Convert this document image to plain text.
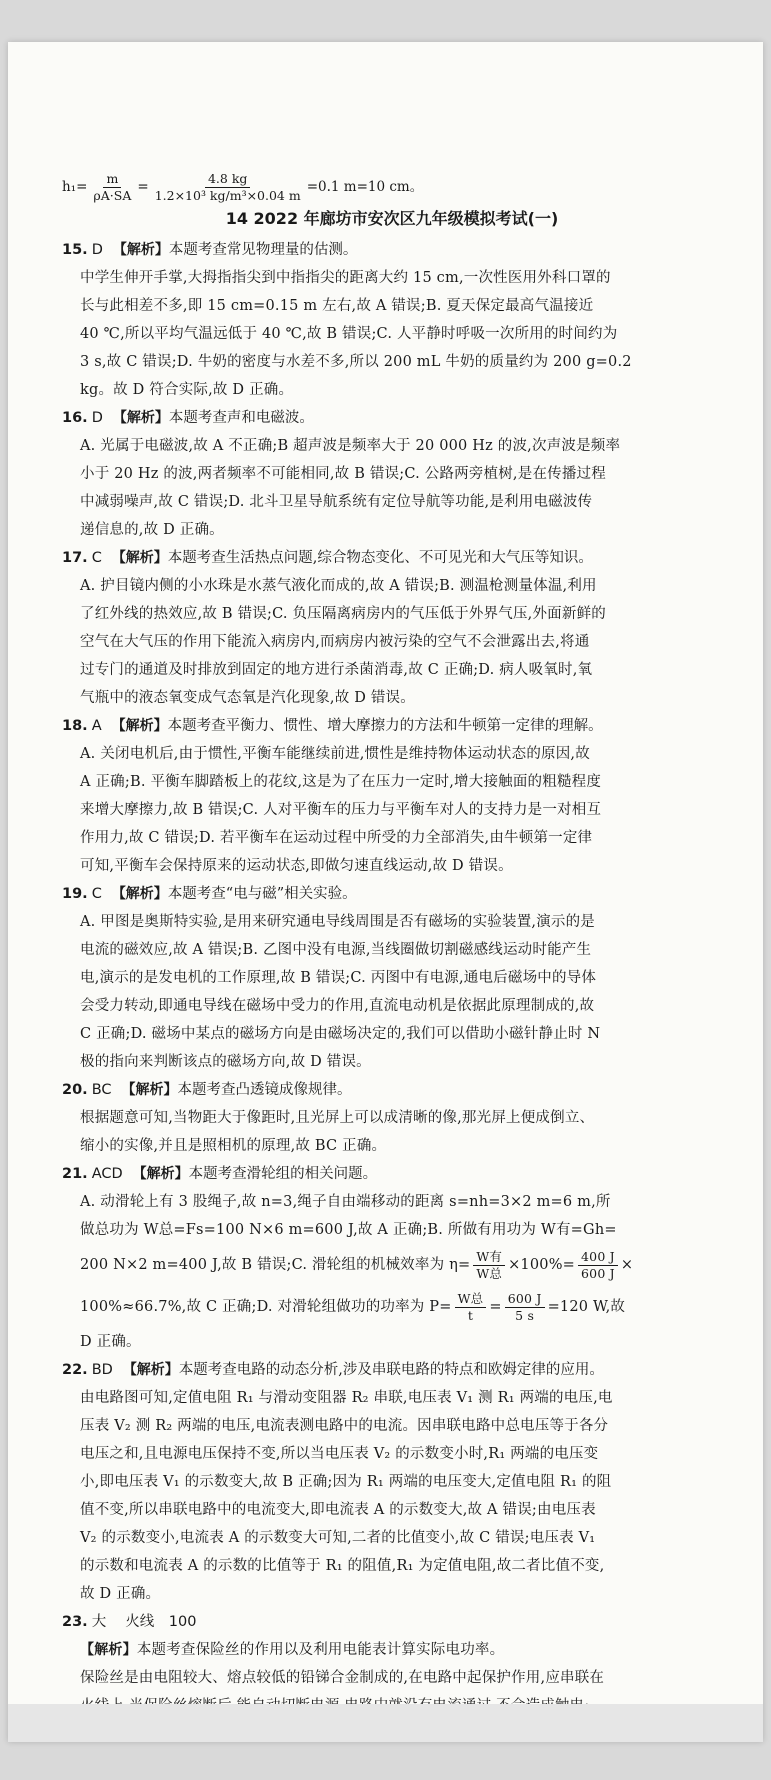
$h_1= \frac{m}{\rho A\cdot SA} = \frac{4.8 kg}{\text{1.2×10³ kg/m³×0.04 m}} =0.1$ m=10 cm。
14 2022 年廊坊市安次区九年级模拟考试(一)
15. D 【解析】本题考查常见物理量的估测。
中学生伸开手掌,大拇指指尖到中指指尖的距离大约 15 cm,一次性医用外科口罩的
长与此相差不多,即 15 cm=0.15 m 左右,故 A 错误;B. 夏天保定最高气温接近
40 ℃,所以平均气温远低于 40 ℃,故 B 错误;C. 人平静时呼吸一次所用的时间约为
3 s,故 C 错误;D. 牛奶的密度与水差不多,所以 200 mL 牛奶的质量约为 200 g=0.2
kg。故 D 符合实际,故 D 正确。
16. D 【解析】本题考查声和电磁波。
A. 光属于电磁波,故 A 不正确;B 超声波是频率大于 20 000 Hz 的波,次声波是频率
小于 20 Hz 的波,两者频率不可能相同,故 B 错误;C. 公路两旁植树,是在传播过程
中减弱噪声,故 C 错误;D. 北斗卫星导航系统有定位导航等功能,是利用电磁波传
递信息的,故 D 正确。
17. C 【解析】本题考查生活热点问题,综合物态变化、不可见光和大气压等知识。
A. 护目镜内侧的小水珠是水蒸气液化而成的,故 A 错误;B. 测温枪测量体温,利用
了红外线的热效应,故 B 错误;C. 负压隔离病房内的气压低于外界气压,外面新鲜的
空气在大气压的作用下能流入病房内,而病房内被污染的空气不会泄露出去,将通
过专门的通道及时排放到固定的地方进行杀菌消毒,故 C 正确;D. 病人吸氧时,氧
气瓶中的液态氧变成气态氧是汽化现象,故 D 错误。
18. A 【解析】本题考查平衡力、惯性、增大摩擦力的方法和牛顿第一定律的理解。
A. 关闭电机后,由于惯性,平衡车能继续前进,惯性是维持物体运动状态的原因,故
A 正确;B. 平衡车脚踏板上的花纹,这是为了在压力一定时,增大接触面的粗糙程度
来增大摩擦力,故 B 错误;C. 人对平衡车的压力与平衡车对人的支持力是一对相互
作用力,故 C 错误;D. 若平衡车在运动过程中所受的力全部消失,由牛顿第一定律
可知,平衡车会保持原来的运动状态,即做匀速直线运动,故 D 错误。
19. C 【解析】本题考查“电与磁”相关实验。
A. 甲图是奥斯特实验,是用来研究通电导线周围是否有磁场的实验装置,演示的是
电流的磁效应,故 A 错误;B. 乙图中没有电源,当线圈做切割磁感线运动时能产生
电,演示的是发电机的工作原理,故 B 错误;C. 丙图中有电源,通电后磁场中的导体
会受力转动,即通电导线在磁场中受力的作用,直流电动机是依据此原理制成的,故
C 正确;D. 磁场中某点的磁场方向是由磁场决定的,我们可以借助小磁针静止时 N
极的指向来判断该点的磁场方向,故 D 错误。
20. BC 【解析】本题考查凸透镜成像规律。
根据题意可知,当物距大于像距时,且光屏上可以成清晰的像,那光屏上便成倒立、
缩小的实像,并且是照相机的原理,故 BC 正确。
21. ACD 【解析】本题考查滑轮组的相关问题。
A. 动滑轮上有 3 股绳子,故 n=3,绳子自由端移动的距离 s=nh=3×2 m=6 m,所
做总功为 W总=Fs=100 N×6 m=600 J,故 A 正确;B. 所做有用功为 W有=Gh=
200 N×2 m=400 J,故 B 错误;C. 滑轮组的机械效率为 $\eta= \frac{\text{W有}}{\text{W总}} \times 100\%= \frac{400 J}{600 J}$ ×
100%≈66.7%,故 C 正确;D. 对滑轮组做功的功率为 $P= \frac{\text{W总}}{t} = \frac{600 J}{5 s} =120$ W,故
D 正确。
22. BD 【解析】本题考查电路的动态分析,涉及串联电路的特点和欧姆定律的应用。
由电路图可知,定值电阻 R₁ 与滑动变阻器 R₂ 串联,电压表 V₁ 测 R₁ 两端的电压,电
压表 V₂ 测 R₂ 两端的电压,电流表测电路中的电流。因串联电路中总电压等于各分
电压之和,且电源电压保持不变,所以当电压表 V₂ 的示数变小时,R₁ 两端的电压变
小,即电压表 V₁ 的示数变大,故 B 正确;因为 R₁ 两端的电压变大,定值电阻 R₁ 的阻
值不变,所以串联电路中的电流变大,即电流表 A 的示数变大,故 A 错误;由电压表
V₂ 的示数变小,电流表 A 的示数变大可知,二者的比值变小,故 C 错误;电压表 V₁
的示数和电流表 A 的示数的比值等于 R₁ 的阻值,R₁ 为定值电阻,故二者比值不变,
故 D 正确。
23. 大　 火线　100
【解析】本题考查保险丝的作用以及利用电能表计算实际电功率。
保险丝是由电阻较大、熔点较低的铅锑合金制成的,在电路中起保护作用,应串联在
